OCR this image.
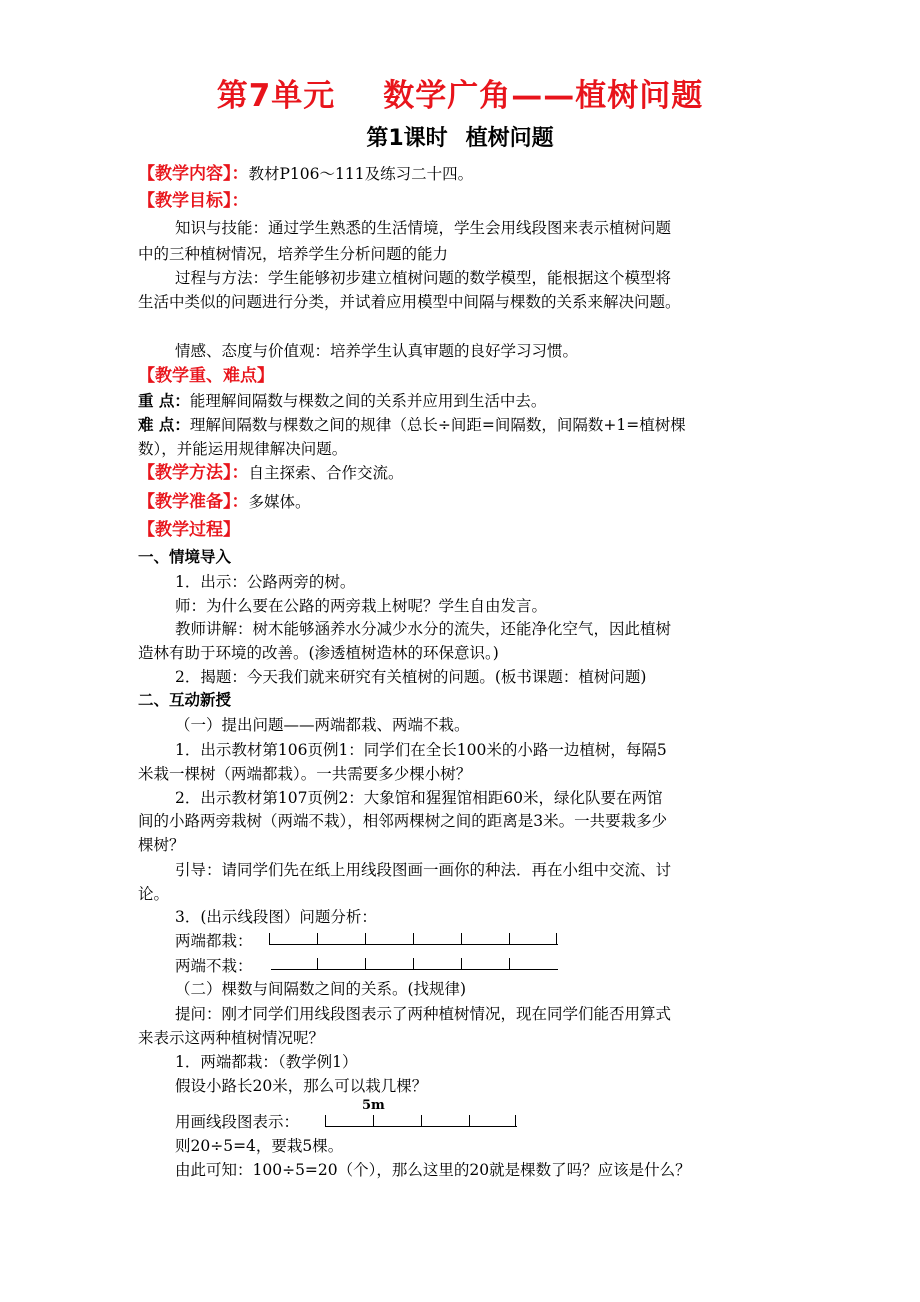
第7单元 数学广角——植树问题
第1课时 植树问题
【教学内容】：教材P106～111及练习二十四。
【教学目标】：
知识与技能：通过学生熟悉的生活情境，学生会用线段图来表示植树问题
中的三种植树情况，培养学生分析问题的能力
过程与方法：学生能够初步建立植树问题的数学模型，能根据这个模型将
生活中类似的问题进行分类，并试着应用模型中间隔与棵数的关系来解决问题。
情感、态度与价值观：培养学生认真审题的良好学习习惯。
【教学重、难点】
重 点：能理解间隔数与棵数之间的关系并应用到生活中去。
难 点：理解间隔数与棵数之间的规律（总长÷间距=间隔数，间隔数+1=植树棵
数），并能运用规律解决问题。
【教学方法】：自主探索、合作交流。
【教学准备】：多媒体。
【教学过程】
一、情境导入
1．出示：公路两旁的树。
师：为什么要在公路的两旁栽上树呢？学生自由发言。
教师讲解：树木能够涵养水分减少水分的流失，还能净化空气，因此植树
造林有助于环境的改善。(渗透植树造林的环保意识。)
2．揭题：今天我们就来研究有关植树的问题。(板书课题：植树问题)
二、互动新授
（一）提出问题——两端都栽、两端不栽。
1．出示教材第106页例1：同学们在全长100米的小路一边植树，每隔5
米栽一棵树（两端都栽）。一共需要多少棵小树？
2．出示教材第107页例2：大象馆和猩猩馆相距60米，绿化队要在两馆
间的小路两旁栽树（两端不栽），相邻两棵树之间的距离是3米。一共要栽多少
棵树？
引导：请同学们先在纸上用线段图画一画你的种法．再在小组中交流、讨
论。
3．(出示线段图）问题分析：
两端都栽：
两端不栽：
（二）棵数与间隔数之间的关系。(找规律)
提问：刚才同学们用线段图表示了两种植树情况，现在同学们能否用算式
来表示这两种植树情况呢？
1．两端都栽：（教学例1）
假设小路长20米，那么可以栽几棵？
5m
用画线段图表示：
则20÷5=4，要栽5棵。
由此可知：100÷5=20（个），那么这里的20就是棵数了吗？应该是什么？
